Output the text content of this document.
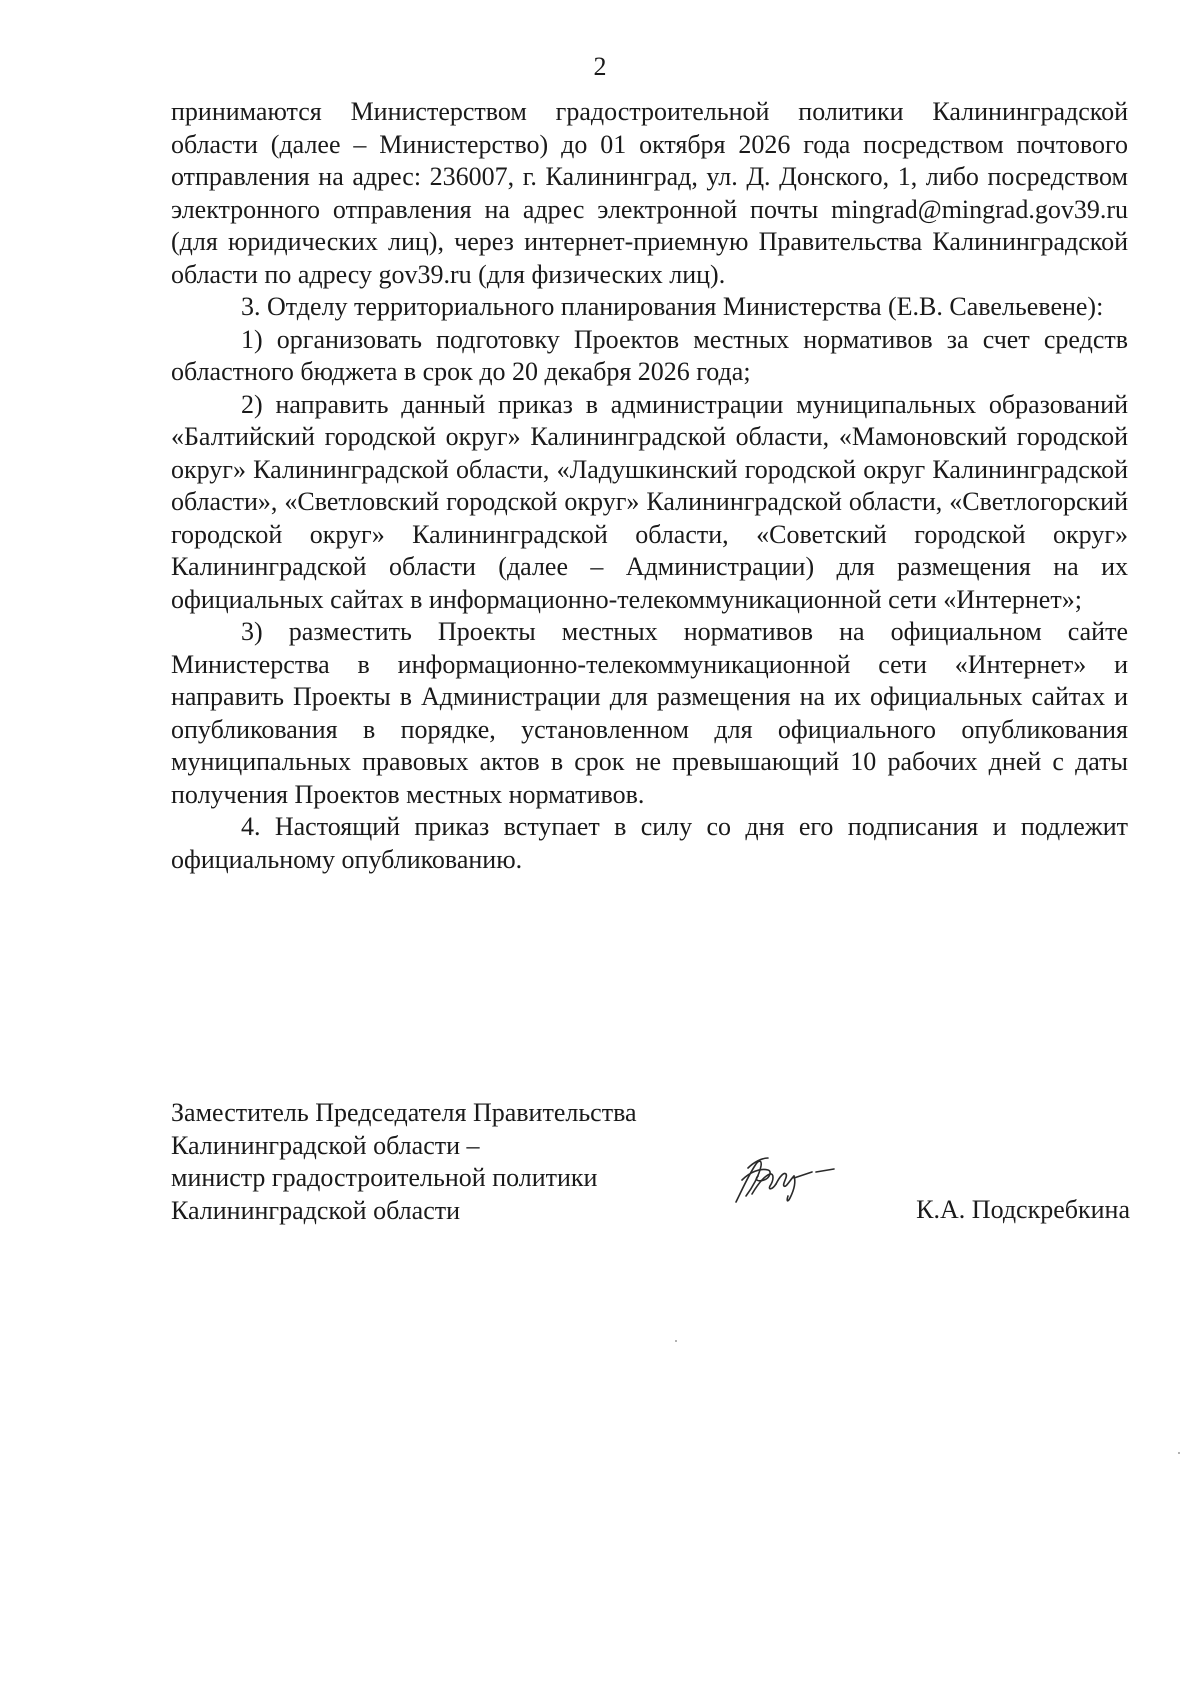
2

принимаются Министерством градостроительной политики Калининградской области (далее – Министерство) до 01 октября 2026 года посредством почтового отправления на адрес: 236007, г. Калининград, ул. Д. Донского, 1, либо посредством электронного отправления на адрес электронной почты mingrad@mingrad.gov39.ru (для юридических лиц), через интернет-приемную Правительства Калининградской области по адресу gov39.ru (для физических лиц).

3. Отделу территориального планирования Министерства (Е.В. Савельевене):

1) организовать подготовку Проектов местных нормативов за счет средств областного бюджета в срок до 20 декабря 2026 года;

2) направить данный приказ в администрации муниципальных образований «Балтийский городской округ» Калининградской области, «Мамоновский городской округ» Калининградской области, «Ладушкинский городской округ Калининградской области», «Светловский городской округ» Калининградской области, «Светлогорский городской округ» Калининградской области, «Советский городской округ» Калининградской области (далее – Администрации) для размещения на их официальных сайтах в информационно-телекоммуникационной сети «Интернет»;

3) разместить Проекты местных нормативов на официальном сайте Министерства в информационно-телекоммуникационной сети «Интернет» и направить Проекты в Администрации для размещения на их официальных сайтах и опубликования в порядке, установленном для официального опубликования муниципальных правовых актов в срок не превышающий 10 рабочих дней с даты получения Проектов местных нормативов.

4. Настоящий приказ вступает в силу со дня его подписания и подлежит официальному опубликованию.

Заместитель Председателя Правительства
Калининградской области –
министр градостроительной политики
Калининградской области	К.А. Подскребкина
